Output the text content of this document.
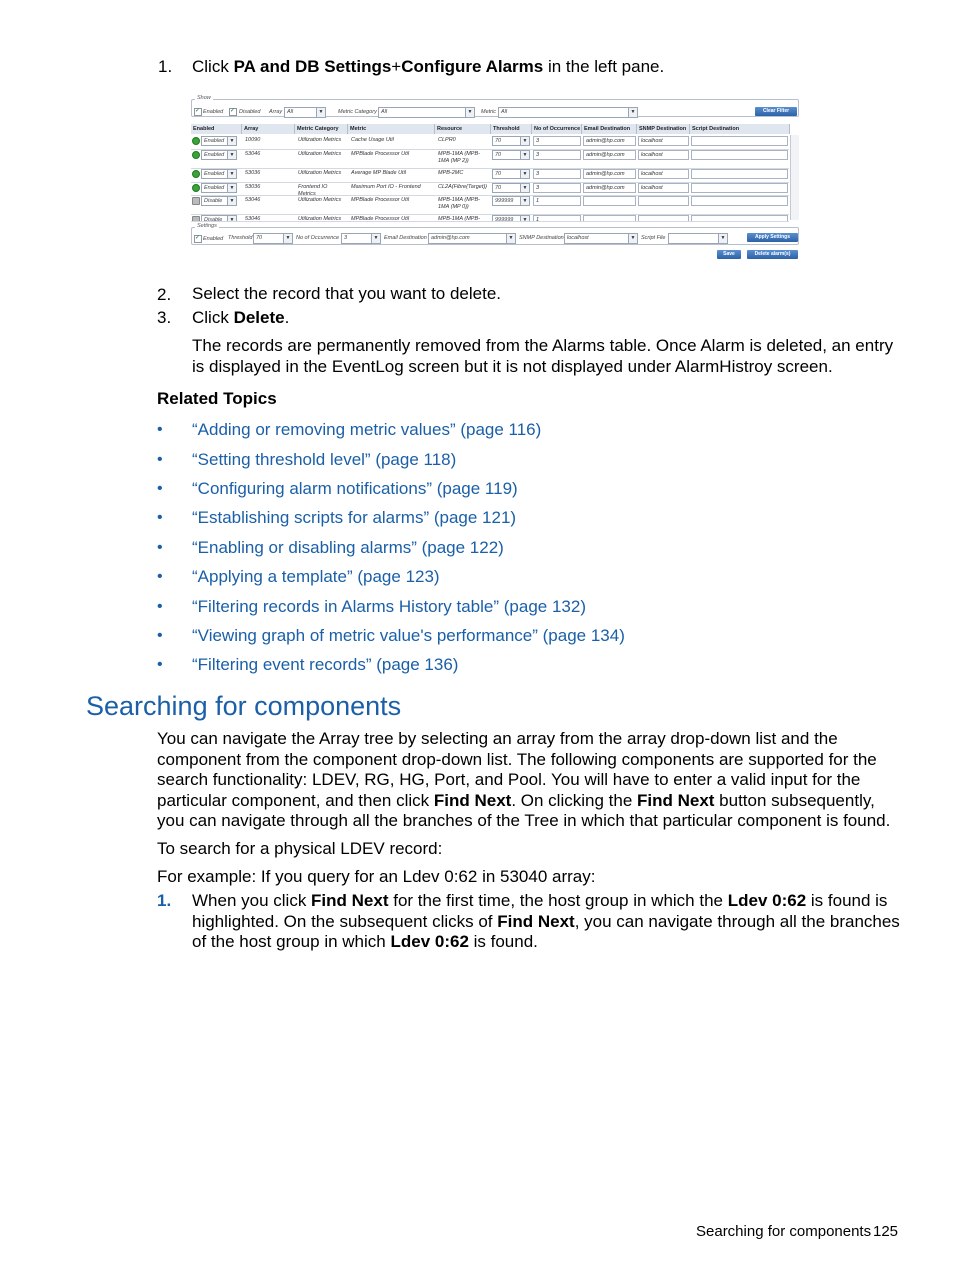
1. Click PA and DB Settings+Configure Alarms in the left pane.
Show
✓
Enabled
✓	Disabled Array All	▼	Metric Category All	▼ Metric All	▼	Clear Filter
Enabled	Array	Metric Category	Metric	Resource	Threshold	No of Occurrence Email Destination	SNMP Destination	Script Destination
Enabled	▼ 10090	Utilization Metrics	Cache Usage Util	CLPR0	70	▼ 3	admin@hp.com	localhost
Enabled	▼ 53046	Utilization Metrics	MPBlade Processor Util	MPB-1MA (MPB-1MA (MP 2))
70	▼ 3	admin@hp.com	localhost
Enabled	▼ 53036	Utilization Metrics	Average MP Blade Util	MPB-2MC	70	▼ 3	admin@hp.com	localhost
Enabled	▼ 53036	Frontend IO Metrics
Maximum Port IO - Frontend	CL2A(Fibre(Target))	70	▼ 3	admin@hp.com	localhost
Disable	▼ 53046	Utilization Metrics	MPBlade Processor Util	MPB-1MA (MPB-1MA (MP 0))
999999	▼ 1
Disable	▼ 53046	Utilization Metrics	MPBlade Processor Util	MPB-1MA (MPB-	999999	▼ 1
Settings
✓
Enabled Threshold 70	▼ No of Occurrence 3	▼ Email Destination admin@hp.com	▼ SNMP Destination localhost	▼ Script File	▼	Apply Settings
Save	Delete alarm(s)
2. Select the record that you want to delete.
3. Click Delete.
The records are permanently removed from the Alarms table. Once Alarm is deleted, an entry is displayed in the EventLog screen but it is not displayed under AlarmHistroy screen.
Related Topics
• “Adding or removing metric values” (page 116)
• “Setting threshold level” (page 118)
• “Configuring alarm notifications” (page 119)
• “Establishing scripts for alarms” (page 121)
• “Enabling or disabling alarms” (page 122)
• “Applying a template” (page 123)
• “Filtering records in Alarms History table” (page 132)
• “Viewing graph of metric value's performance” (page 134)
• “Filtering event records” (page 136)
Searching for components
You can navigate the Array tree by selecting an array from the array drop-down list and the component from the component drop-down list. The following components are supported for the search functionality: LDEV, RG, HG, Port, and Pool. You will have to enter a valid input for the particular component, and then click Find Next. On clicking the Find Next button subsequently, you can navigate through all the branches of the Tree in which that particular component is found.
To search for a physical LDEV record:
For example: If you query for an Ldev 0:62 in 53040 array:
1. When you click Find Next for the first time, the host group in which the Ldev 0:62 is found is highlighted. On the subsequent clicks of Find Next, you can navigate through all the branches of the host group in which Ldev 0:62 is found.
Searching for components 125
